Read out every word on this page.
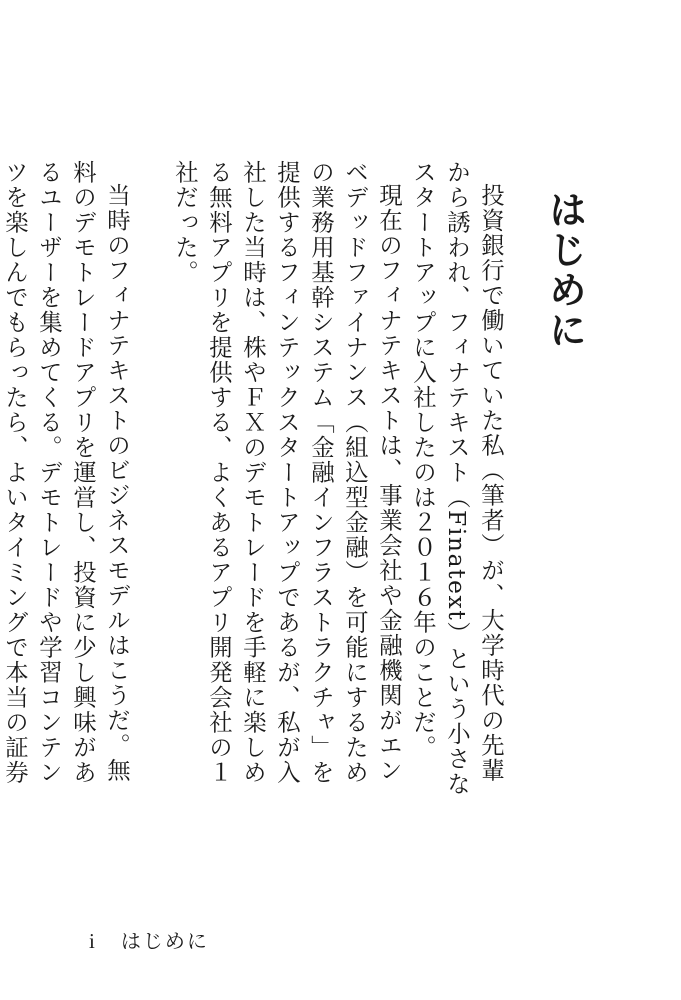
はじめに

投資銀行で働いていた私（筆者）が、大学時代の先輩から誘われ、フィナテキスト（Finatext）という小さなスタートアップに入社したのは２０１６年のことだ。

現在のフィナテキストは、事業会社や金融機関がエンベデッドファイナンス（組込型金融）を可能にするための業務用基幹システム「金融インフラストラクチャ」を提供するフィンテックスタートアップであるが、私が入社した当時は、株やＦＸのデモトレードを手軽に楽しめる無料アプリを提供する、よくあるアプリ開発会社の１社だった。

当時のフィナテキストのビジネスモデルはこうだ。無料のデモトレードアプリを運営し、投資に少し興味があるユーザーを集めてくる。デモトレードや学習コンテンツを楽しんでもらったら、よいタイミングで本当の証券

i はじめに
